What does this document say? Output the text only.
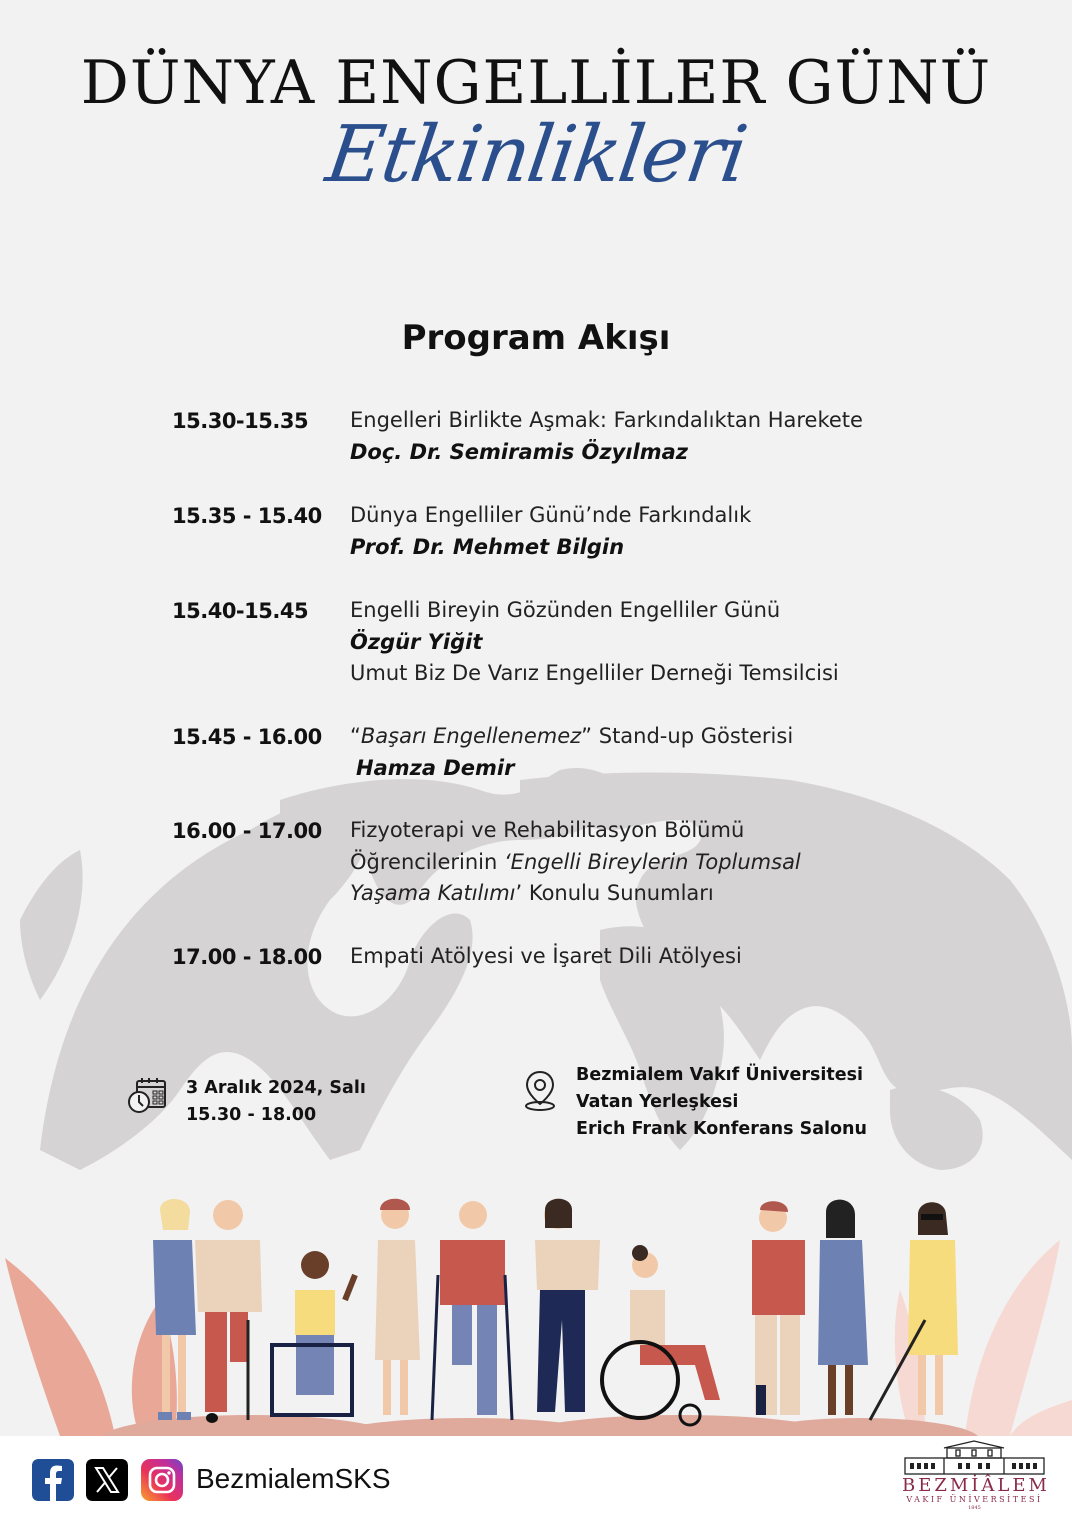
DÜNYA ENGELLİLER GÜNÜ
Etkinlikleri
Program Akışı
15.30-15.35	Engelleri Birlikte Aşmak: Farkındalıktan Harekete
Doç. Dr. Semiramis Özyılmaz
15.35 - 15.40	Dünya Engelliler Günü’nde Farkındalık
Prof. Dr. Mehmet Bilgin
15.40-15.45	Engelli Bireyin Gözünden Engelliler Günü
Özgür Yiğit
Umut Biz De Varız Engelliler Derneği Temsilcisi
15.45 - 16.00	“Başarı Engellenemez” Stand-up Gösterisi
Hamza Demir
16.00 - 17.00	Fizyoterapi ve Rehabilitasyon Bölümü
Öğrencilerinin ‘Engelli Bireylerin Toplumsal
Yaşama Katılımı’ Konulu Sunumları
17.00 - 18.00	Empati Atölyesi ve İşaret Dili Atölyesi
3 Aralık 2024, Salı
15.30 - 18.00
Bezmialem Vakıf Üniversitesi
Vatan Yerleşkesi
Erich Frank Konferans Salonu
BezmialemSKS	BEZMİÂLEM
VAKIF ÜNİVERSİTESİ
1845
